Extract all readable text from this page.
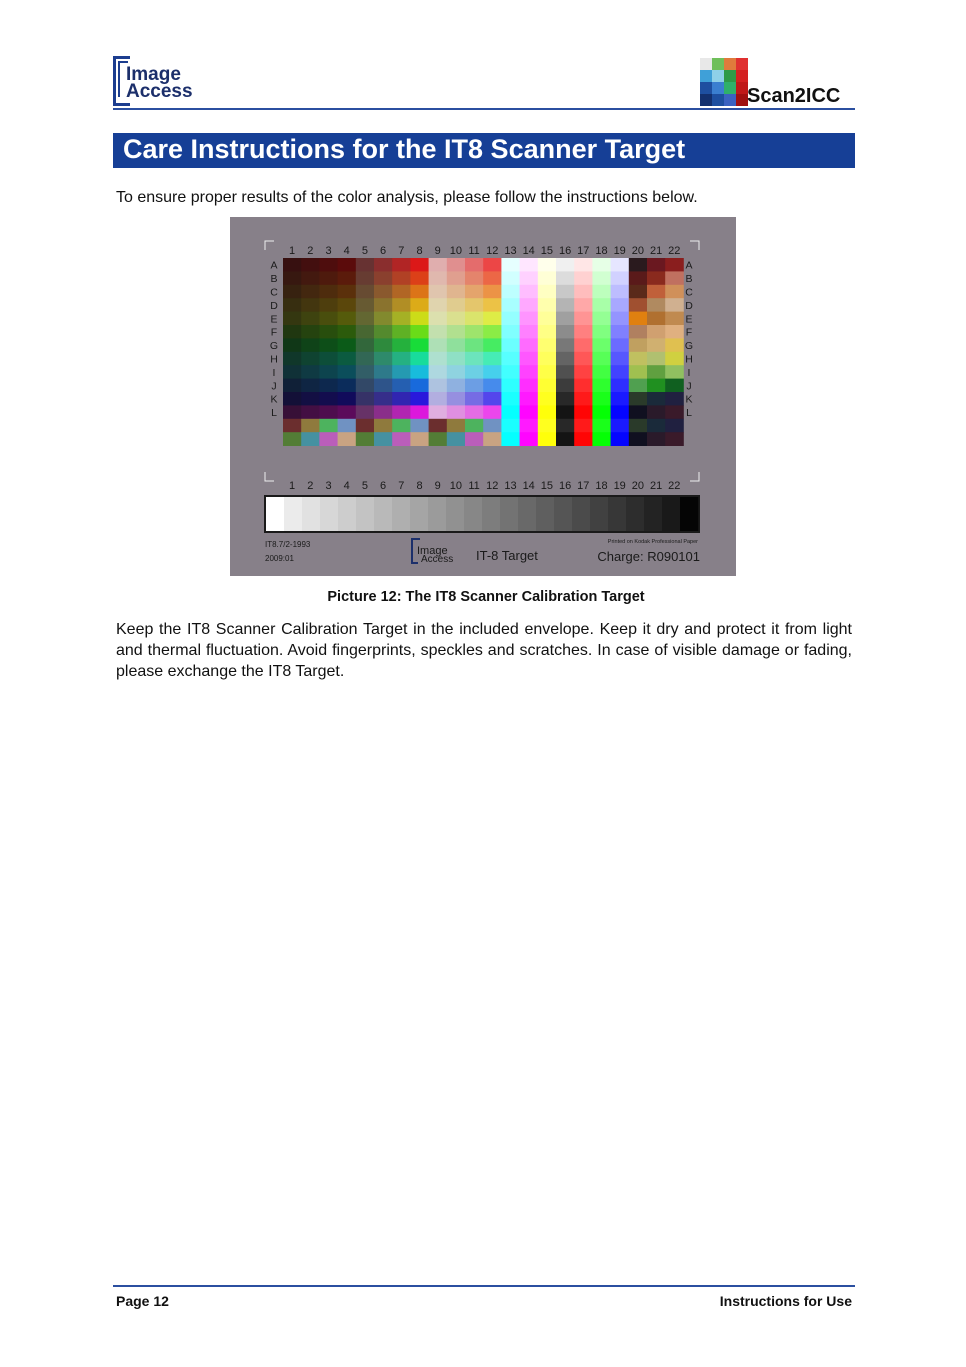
Image
Access	Scan2ICC
Care Instructions for the IT8 Scanner Target
To ensure proper results of the color analysis, please follow the instructions below.
1
1
2
2
3
3
4
4
5
5
6
6
7
7
8
8
9
9
10
10
11
11
12
12
13
13
14
14
15
15
16
16
17
17
18
18
19
19
20
20
21
21
22
22
A	A
B	B
C	C
D	D
E	E
F	F
G	G
H	H
I	I
J	J
K	K
L	L
IT8.7/2-1993
2009:01
Image
Access IT-8 Target
Printed on Kodak Professional Paper
Charge: R090101
Picture 12: The IT8 Scanner Calibration Target
Keep the IT8 Scanner Calibration Target in the included envelope. Keep it dry and protect it from light and thermal fluctuation. Avoid fingerprints, speckles and scratches. In case of visible damage or fading, please exchange the IT8 Target.
Page 12	Instructions for Use
